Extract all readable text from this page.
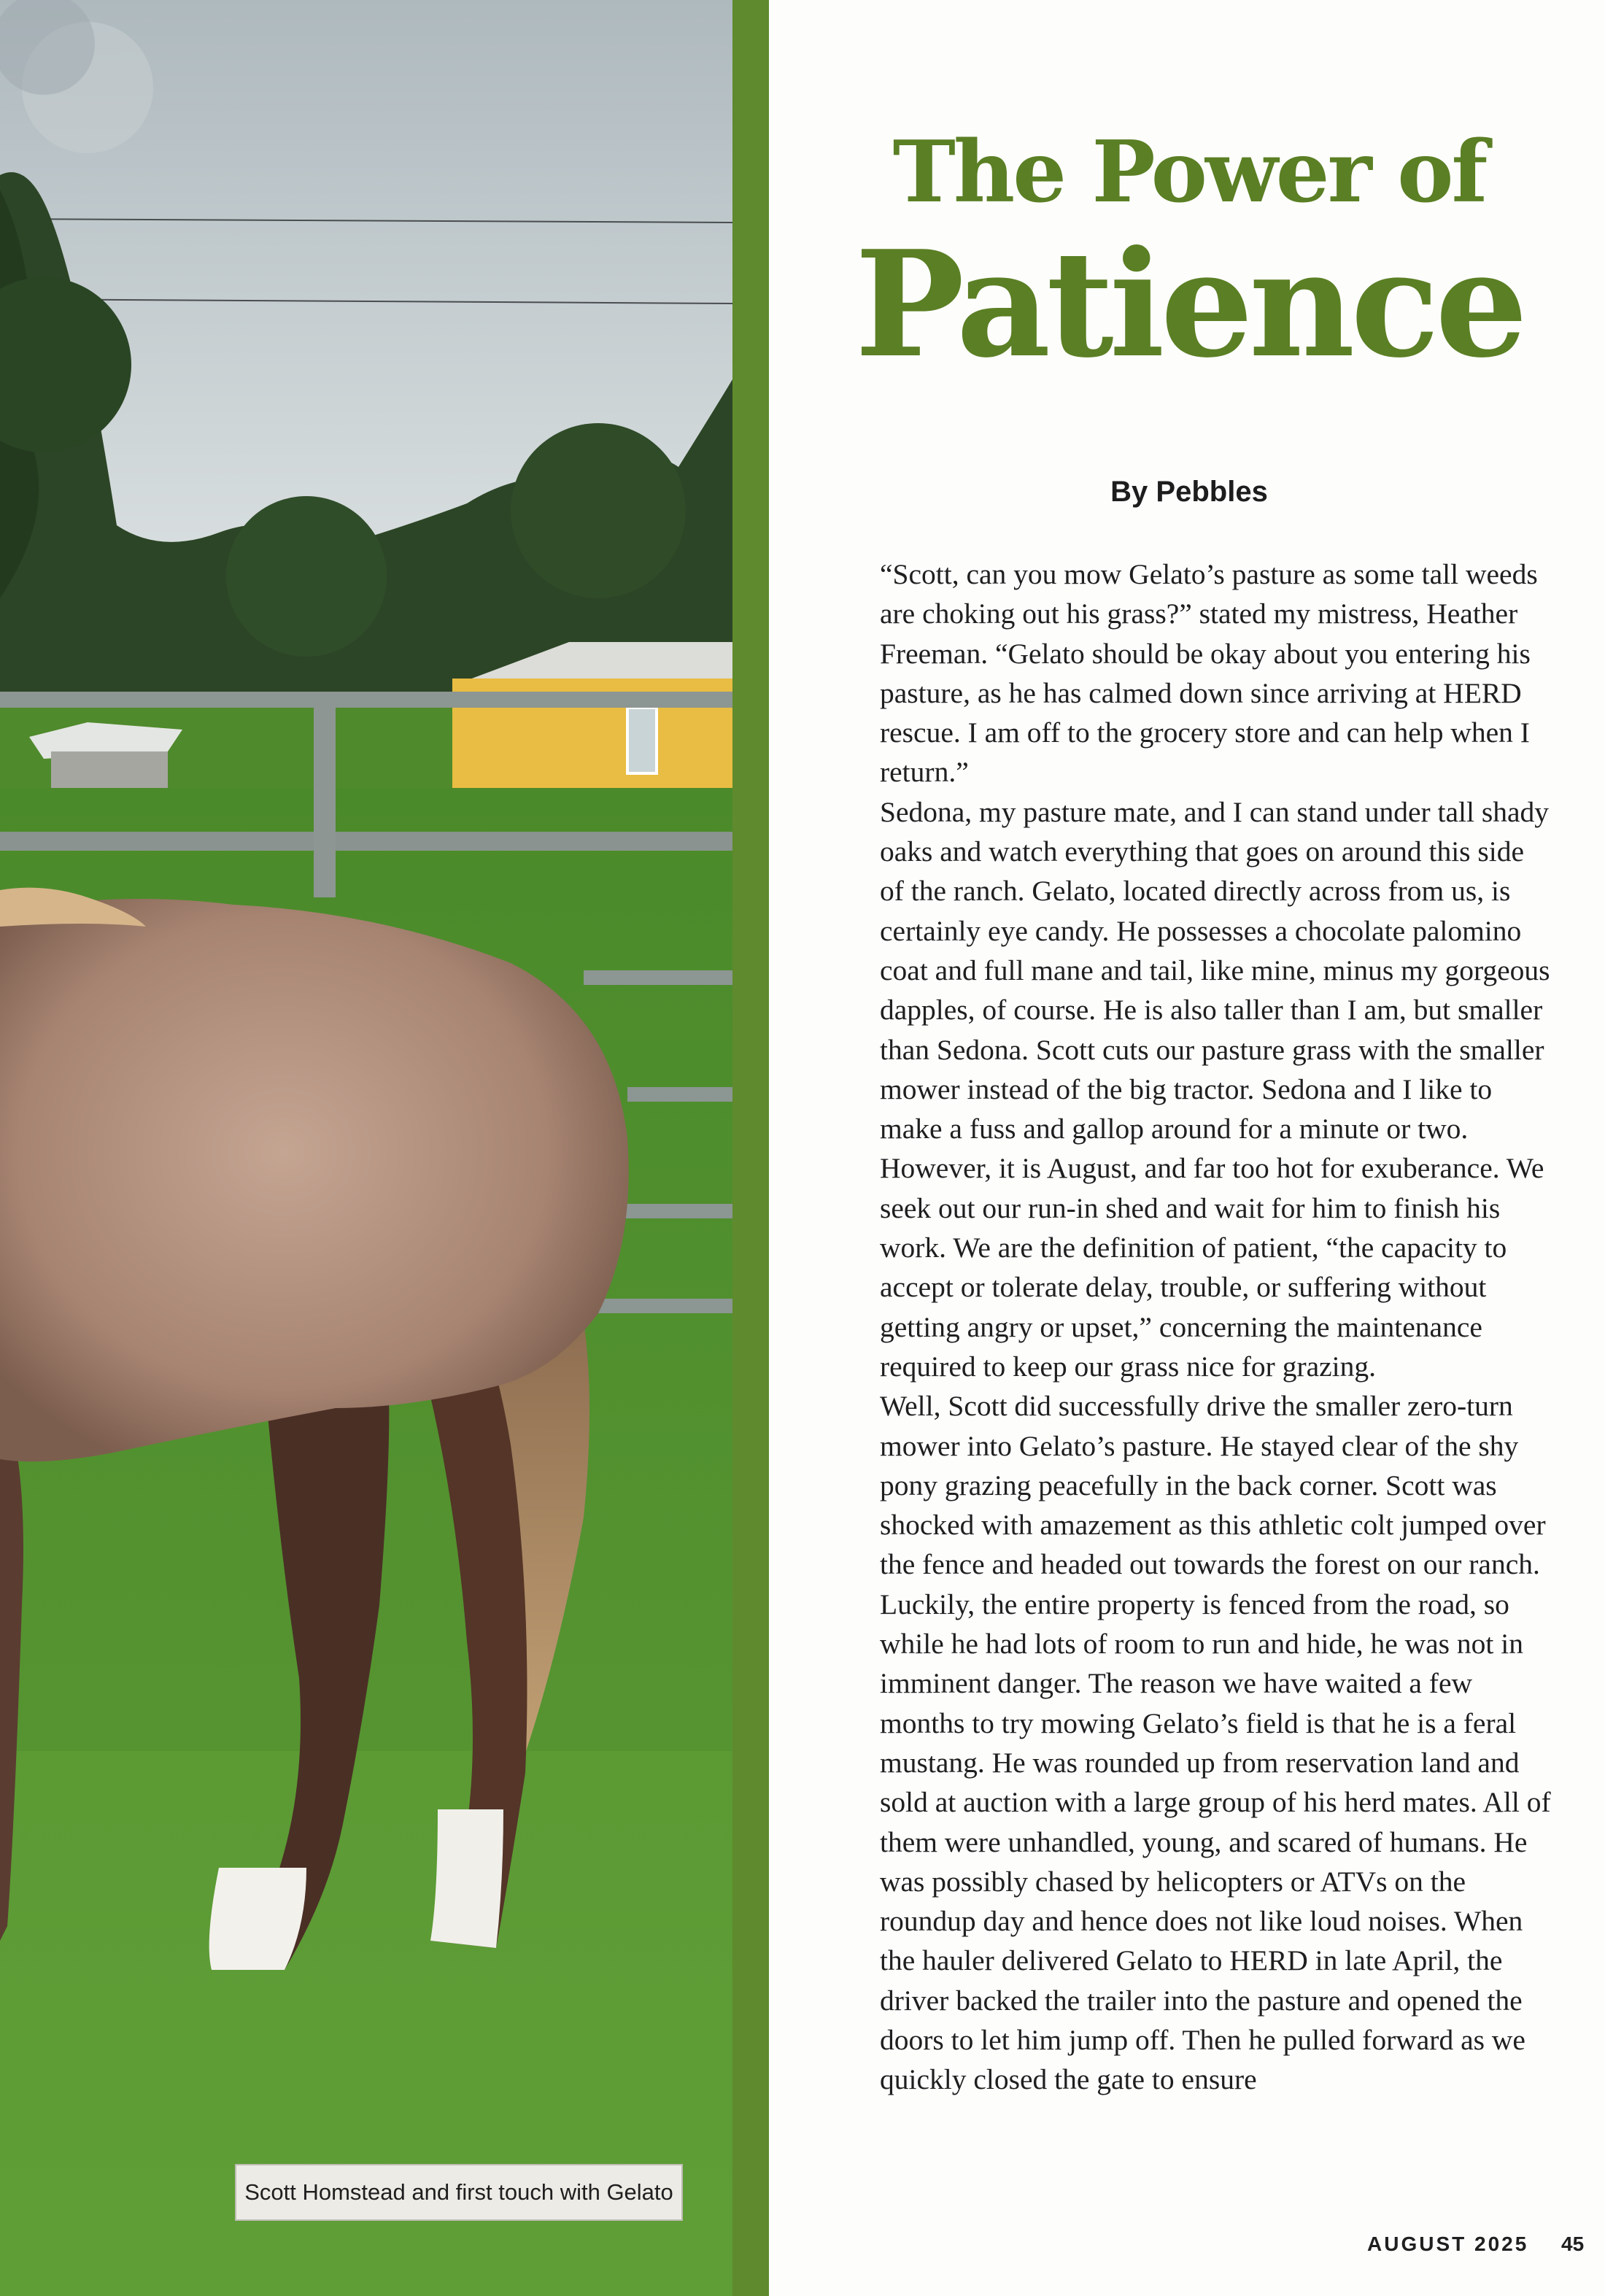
Scott Homstead and first touch with Gelato
The Power of
Patience
By Pebbles

“Scott, can you mow Gelato’s pasture as some tall weeds are choking out his grass?” stated my mistress, Heather Freeman. “Gelato should be okay about you entering his pasture, as he has calmed down since arriving at HERD rescue. I am off to the grocery store and can help when I return.”

Sedona, my pasture mate, and I can stand under tall shady oaks and watch everything that goes on around this side of the ranch. Gelato, located directly across from us, is certainly eye candy. He possesses a chocolate palomino coat and full mane and tail, like mine, minus my gorgeous dapples, of course. He is also taller than I am, but smaller than Sedona. Scott cuts our pasture grass with the smaller mower instead of the big tractor. Sedona and I like to make a fuss and gallop around for a minute or two. However, it is August, and far too hot for exuberance. We seek out our run-in shed and wait for him to finish his work. We are the definition of patient, “the capacity to accept or tolerate delay, trouble, or suffering without getting angry or upset,” concerning the maintenance required to keep our grass nice for grazing.

Well, Scott did successfully drive the smaller zero-turn mower into Gelato’s pasture. He stayed clear of the shy pony grazing peacefully in the back corner. Scott was shocked with amazement as this athletic colt jumped over the fence and headed out towards the forest on our ranch. Luckily, the entire property is fenced from the road, so while he had lots of room to run and hide, he was not in imminent danger. The reason we have waited a few months to try mowing Gelato’s field is that he is a feral mustang. He was rounded up from reservation land and sold at auction with a large group of his herd mates. All of them were unhandled, young, and scared of humans. He was possibly chased by helicopters or ATVs on the roundup day and hence does not like loud noises. When the hauler delivered Gelato to HERD in late April, the driver backed the trailer into the pasture and opened the doors to let him jump off. Then he pulled forward as we quickly closed the gate to ensure

AUGUST 2025 45
